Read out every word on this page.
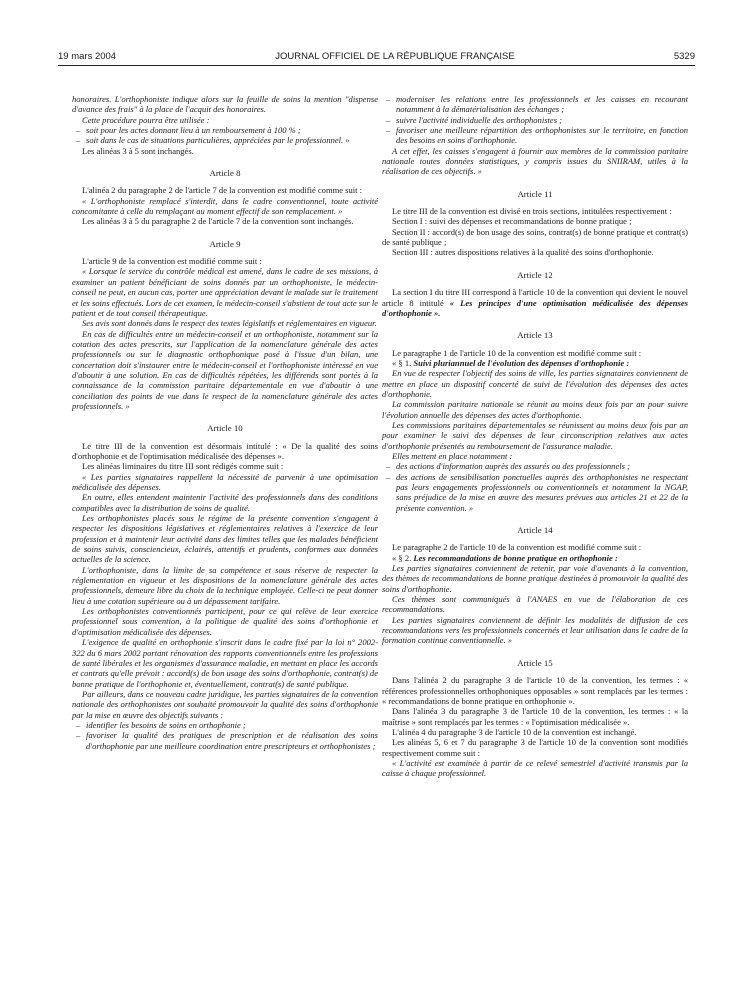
19 mars 2004	JOURNAL OFFICIEL DE LA RÉPUBLIQUE FRANÇAISE	5329

honoraires. L'orthophoniste indique alors sur la feuille de soins la mention "dispense d'avance des frais" à la place de l'acquit des honoraires.

Cette procédure pourra être utilisée :

– soit pour les actes donnant lieu à un remboursement à 100 % ;

– soit dans le cas de situations particulières, appréciées par le professionnel. »

Les alinéas 3 à 5 sont inchangés.

Article 8

L'alinéa 2 du paragraphe 2 de l'article 7 de la convention est modifié comme suit :

« L'orthophoniste remplacé s'interdit, dans le cadre conventionnel, toute activité concomitante à celle du remplaçant au moment effectif de son remplacement. »

Les alinéas 3 à 5 du paragraphe 2 de l'article 7 de la convention sont inchangés.

Article 9

L'article 9 de la convention est modifié comme suit :

« Lorsque le service du contrôle médical est amené, dans le cadre de ses missions, à examiner un patient bénéficiant de soins donnés par un orthophoniste, le médecin-conseil ne peut, en aucun cas, porter une appréciation devant le malade sur le traitement et les soins effectués. Lors de cet examen, le médecin-conseil s'abstient de tout acte sur le patient et de tout conseil thérapeutique.

Ses avis sont donnés dans le respect des textes législatifs et réglementaires en vigueur.

En cas de difficultés entre un médecin-conseil et un orthophoniste, notamment sur la cotation des actes prescrits, sur l'application de la nomenclature générale des actes professionnels ou sur le diagnostic orthophonique posé à l'issue d'un bilan, une concertation doit s'instaurer entre le médecin-conseil et l'orthophoniste intéressé en vue d'aboutir à une solution. En cas de difficultés répétées, les différends sont portés à la connaissance de la commission paritaire départementale en vue d'aboutir à une conciliation des points de vue dans le respect de la nomenclature générale des actes professionnels. »

Article 10

Le titre III de la convention est désormais intitulé : « De la qualité des soins d'orthophonie et de l'optimisation médicalisée des dépenses ».

Les alinéas liminaires du titre III sont rédigés comme suit :

« Les parties signataires rappellent la nécessité de parvenir à une optimisation médicalisée des dépenses.

En outre, elles entendent maintenir l'activité des professionnels dans des conditions compatibles avec la distribution de soins de qualité.

Les orthophonistes placés sous le régime de la présente convention s'engagent à respecter les dispositions législatives et réglementaires relatives à l'exercice de leur profession et à maintenir leur activité dans des limites telles que les malades bénéficient de soins suivis, consciencieux, éclairés, attentifs et prudents, conformes aux données actuelles de la science.

L'orthophoniste, dans la limite de sa compétence et sous réserve de respecter la réglementation en vigueur et les dispositions de la nomenclature générale des actes professionnels, demeure libre du choix de la technique employée. Celle-ci ne peut donner lieu à une cotation supérieure ou à un dépassement tarifaire.

Les orthophonistes conventionnés participent, pour ce qui relève de leur exercice professionnel sous convention, à la politique de qualité des soins d'orthophonie et d'optimisation médicalisée des dépenses.

L'exigence de qualité en orthophonie s'inscrit dans le cadre fixé par la loi n° 2002-322 du 6 mars 2002 portant rénovation des rapports conventionnels entre les professions de santé libérales et les organismes d'assurance maladie, en mettant en place les accords et contrats qu'elle prévoit : accord(s) de bon usage des soins d'orthophonie, contrat(s) de bonne pratique de l'orthophonie et, éventuellement, contrat(s) de santé publique.

Par ailleurs, dans ce nouveau cadre juridique, les parties signataires de la convention nationale des orthophonistes ont souhaité promouvoir la qualité des soins d'orthophonie par la mise en œuvre des objectifs suivants :

– identifier les besoins de soins en orthophonie ;

– favoriser la qualité des pratiques de prescription et de réalisation des soins d'orthophonie par une meilleure coordination entre prescripteurs et orthophonistes ;

– moderniser les relations entre les professionnels et les caisses en recourant notamment à la dématérialisation des échanges ;

– suivre l'activité individuelle des orthophonistes ;

– favoriser une meilleure répartition des orthophonistes sur le territoire, en fonction des besoins en soins d'orthophonie.

A cet effet, les caisses s'engagent à fournir aux membres de la commission paritaire nationale toutes données statistiques, y compris issues du SNIIRAM, utiles à la réalisation de ces objectifs. »

Article 11

Le titre III de la convention est divisé en trois sections, intitulées respectivement :

Section I : suivi des dépenses et recommandations de bonne pratique ;

Section II : accord(s) de bon usage des soins, contrat(s) de bonne pratique et contrat(s) de santé publique ;

Section III : autres dispositions relatives à la qualité des soins d'orthophonie.

Article 12

La section I du titre III correspond à l'article 10 de la convention qui devient le nouvel article 8 intitulé « Les principes d'une optimisation médicalisée des dépenses d'orthophonie ».

Article 13

Le paragraphe 1 de l'article 10 de la convention est modifié comme suit :

« § 1. Suivi pluriannuel de l'évolution des dépenses d'orthophonie :

En vue de respecter l'objectif des soins de ville, les parties signataires conviennent de mettre en place un dispositif concerté de suivi de l'évolution des dépenses des actes d'orthophonie.

La commission paritaire nationale se réunit au moins deux fois par an pour suivre l'évolution annuelle des dépenses des actes d'orthophonie.

Les commissions paritaires départementales se réunissent au moins deux fois par an pour examiner le suivi des dépenses de leur circonscription relatives aux actes d'orthophonie présentés au remboursement de l'assurance maladie.

Elles mettent en place notamment :

– des actions d'information auprès des assurés ou des professionnels ;

– des actions de sensibilisation ponctuelles auprès des orthophonistes ne respectant pas leurs engagements professionnels ou conventionnels et notamment la NGAP, sans préjudice de la mise en œuvre des mesures prévues aux articles 21 et 22 de la présente convention. »

Article 14

Le paragraphe 2 de l'article 10 de la convention est modifié comme suit :

« § 2. Les recommandations de bonne pratique en orthophonie :

Les parties signataires conviennent de retenir, par voie d'avenants à la convention, des thèmes de recommandations de bonne pratique destinées à promouvoir la qualité des soins d'orthophonie.

Ces thèmes sont communiqués à l'ANAES en vue de l'élaboration de ces recommandations.

Les parties signataires conviennent de définir les modalités de diffusion de ces recommandations vers les professionnels concernés et leur utilisation dans le cadre de la formation continue conventionnelle. »

Article 15

Dans l'alinéa 2 du paragraphe 3 de l'article 10 de la convention, les termes : « références professionnelles orthophoniques opposables » sont remplacés par les termes : « recommandations de bonne pratique en orthophonie ».

Dans l'alinéa 3 du paragraphe 3 de l'article 10 de la convention, les termes : « la maîtrise » sont remplacés par les termes : « l'optimisation médicalisée ».

L'alinéa 4 du paragraphe 3 de l'article 10 de la convention est inchangé.

Les alinéas 5, 6 et 7 du paragraphe 3 de l'article 10 de la convention sont modifiés respectivement comme suit :

« L'activité est examinée à partir de ce relevé semestriel d'activité transmis par la caisse à chaque professionnel.
